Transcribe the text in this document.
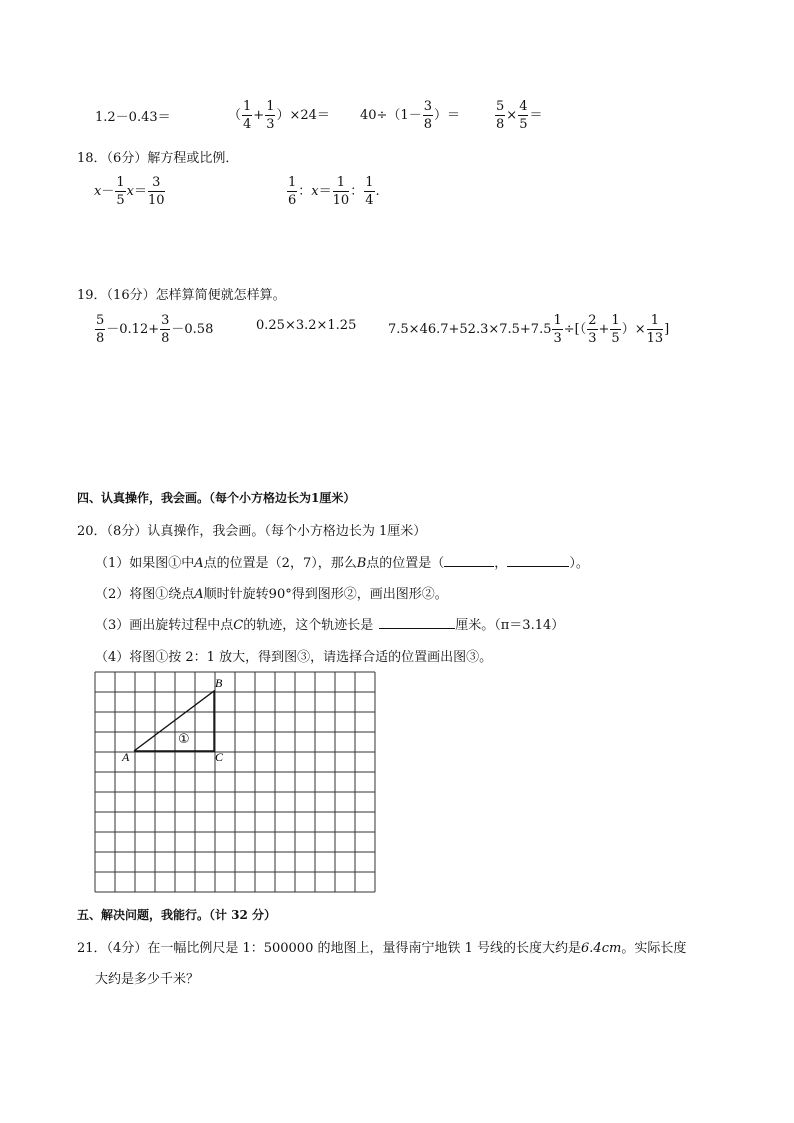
1.2－0.43＝	（ $\frac{1}{4} + \frac{1}{3} )\times 24= 40\div(1- \frac{3}{8}$ ）＝	$\frac{5}{8} \times \frac{4}{5}$ ＝
18．（6分）解方程或比例．
$x- \frac{1}{5} x= \frac{3}{10}$	$\frac{1}{6}$ ：$x= \frac{1}{10}$ ： $\frac{1}{4}$ .
19．（16分）怎样算简便就怎样算。
$\frac{5}{8} -0.12+ \frac{3}{8} -0.58$	0.25×3.2×1.25 $7.5\times 46.7+52.3\times 7.5+7.5 \frac{1}{3}$ ÷[（ $\frac{2}{3} + \frac{1}{5}$ ）× $\frac{1}{13}$ ]
四、认真操作，我会画。（每个小方格边长为1厘米）
20．（8分）认真操作，我会画。（每个小方格边长为 1厘米）
（1）如果图①中A点的位置是（2，7），那么B点的位置是（	，	）。
（2）将图①绕点A顺时针旋转90°得到图形②，画出图形②。
（3）画出旋转过程中点C的轨迹，这个轨迹长是	厘米。（π＝3.14）
（4）将图①按 2：1 放大，得到图③，请选择合适的位置画出图③。
B
A	C
①
五、解决问题，我能行。（计 32 分）
21．（4分）在一幅比例尺是 1：500000 的地图上，量得南宁地铁 1 号线的长度大约是6.4cm。实际长度
大约是多少千米？
